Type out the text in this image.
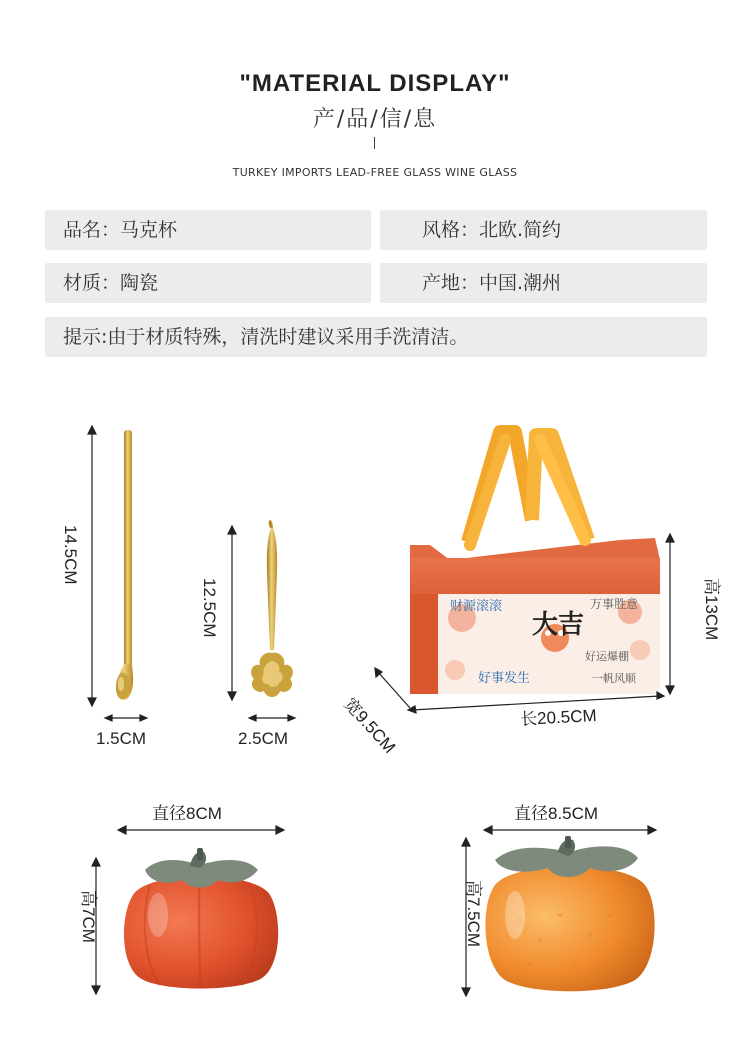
"MATERIAL DISPLAY"
产/品/信/息
TURKEY IMPORTS LEAD-FREE GLASS WINE GLASS
品名：马克杯	风格：北欧.简约
材质：陶瓷	产地：中国.潮州
提示:由于材质特殊，清洗时建议采用手洗清洁。
大吉
财源滚滚	万事胜意
好事发生
好运爆棚
一帆风顺
14.5CM
1.5CM
12.5CM
2.5CM
高13CM
长20.5CM
宽9.5CM
直径8CM
高7CM
直径8.5CM
高7.5CM
